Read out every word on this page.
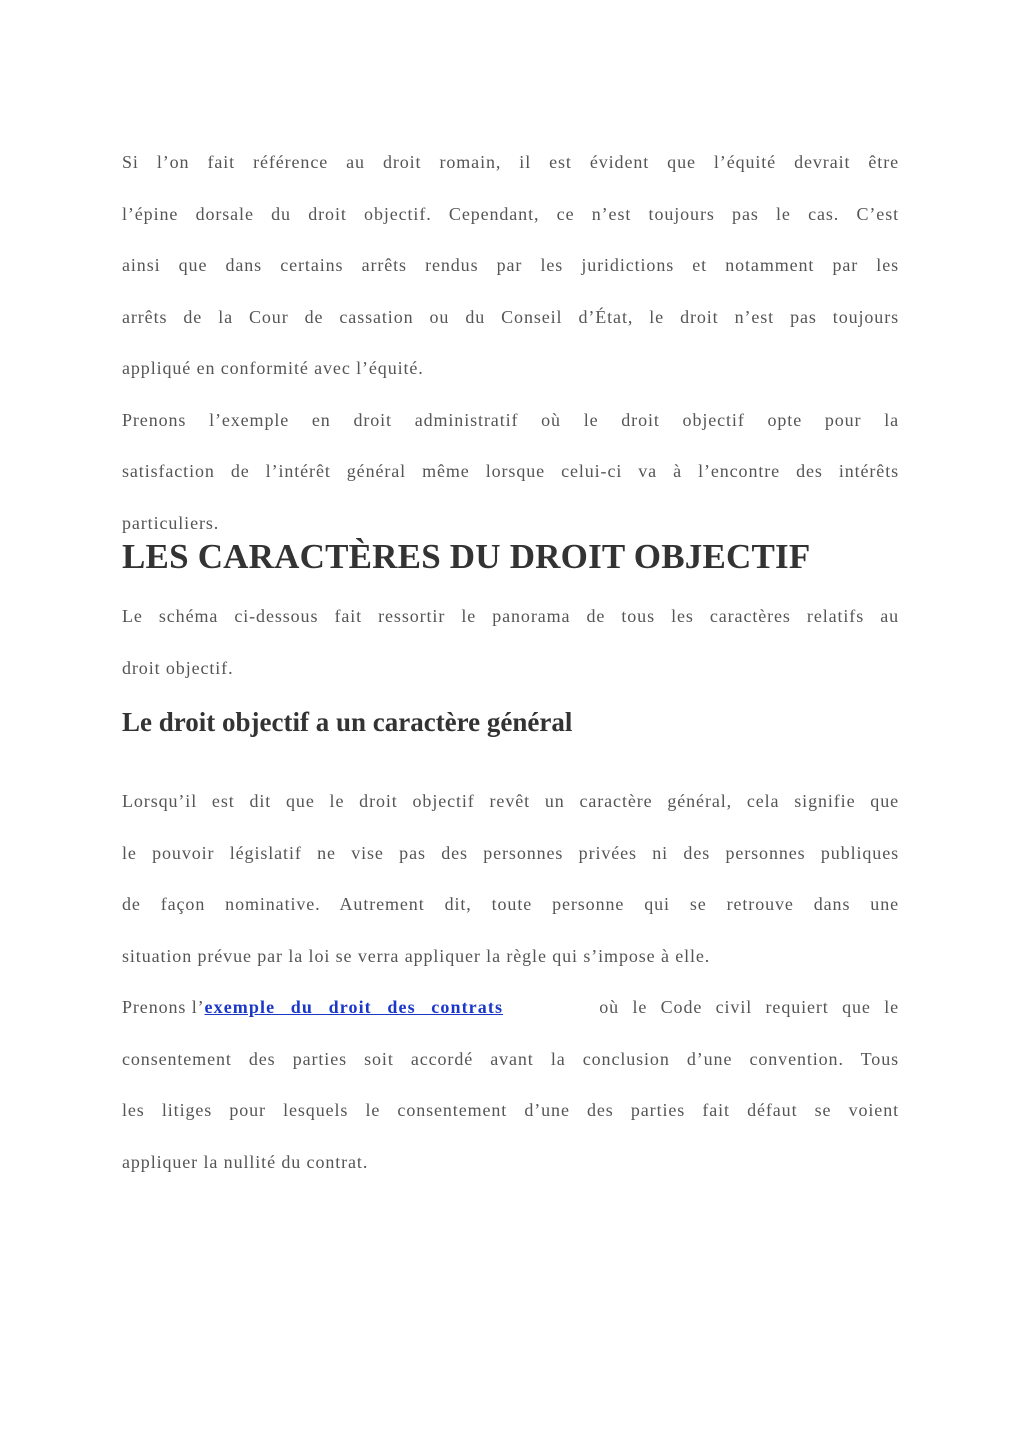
Si l’on fait référence au droit romain, il est évident que l’équité devrait être
l’épine dorsale du droit objectif. Cependant, ce n’est toujours pas le cas. C’est
ainsi que dans certains arrêts rendus par les juridictions et notamment par les
arrêts de la Cour de cassation ou du Conseil d’État, le droit n’est pas toujours
appliqué en conformité avec l’équité.
Prenons l’exemple en droit administratif où le droit objectif opte pour la
satisfaction de l’intérêt général même lorsque celui-ci va à l’encontre des intérêts
particuliers.
LES CARACTÈRES DU DROIT OBJECTIF
Le schéma ci-dessous fait ressortir le panorama de tous les caractères relatifs au
droit objectif.
Le droit objectif a un caractère général
Lorsqu’il est dit que le droit objectif revêt un caractère général, cela signifie que
le pouvoir législatif ne vise pas des personnes privées ni des personnes publiques
de façon nominative. Autrement dit, toute personne qui se retrouve dans une
situation prévue par la loi se verra appliquer la règle qui s’impose à elle.
Prenons l’ exemple du droit des contrats	où le Code civil requiert que le
consentement des parties soit accordé avant la conclusion d’une convention. Tous
les litiges pour lesquels le consentement d’une des parties fait défaut se voient
appliquer la nullité du contrat.
